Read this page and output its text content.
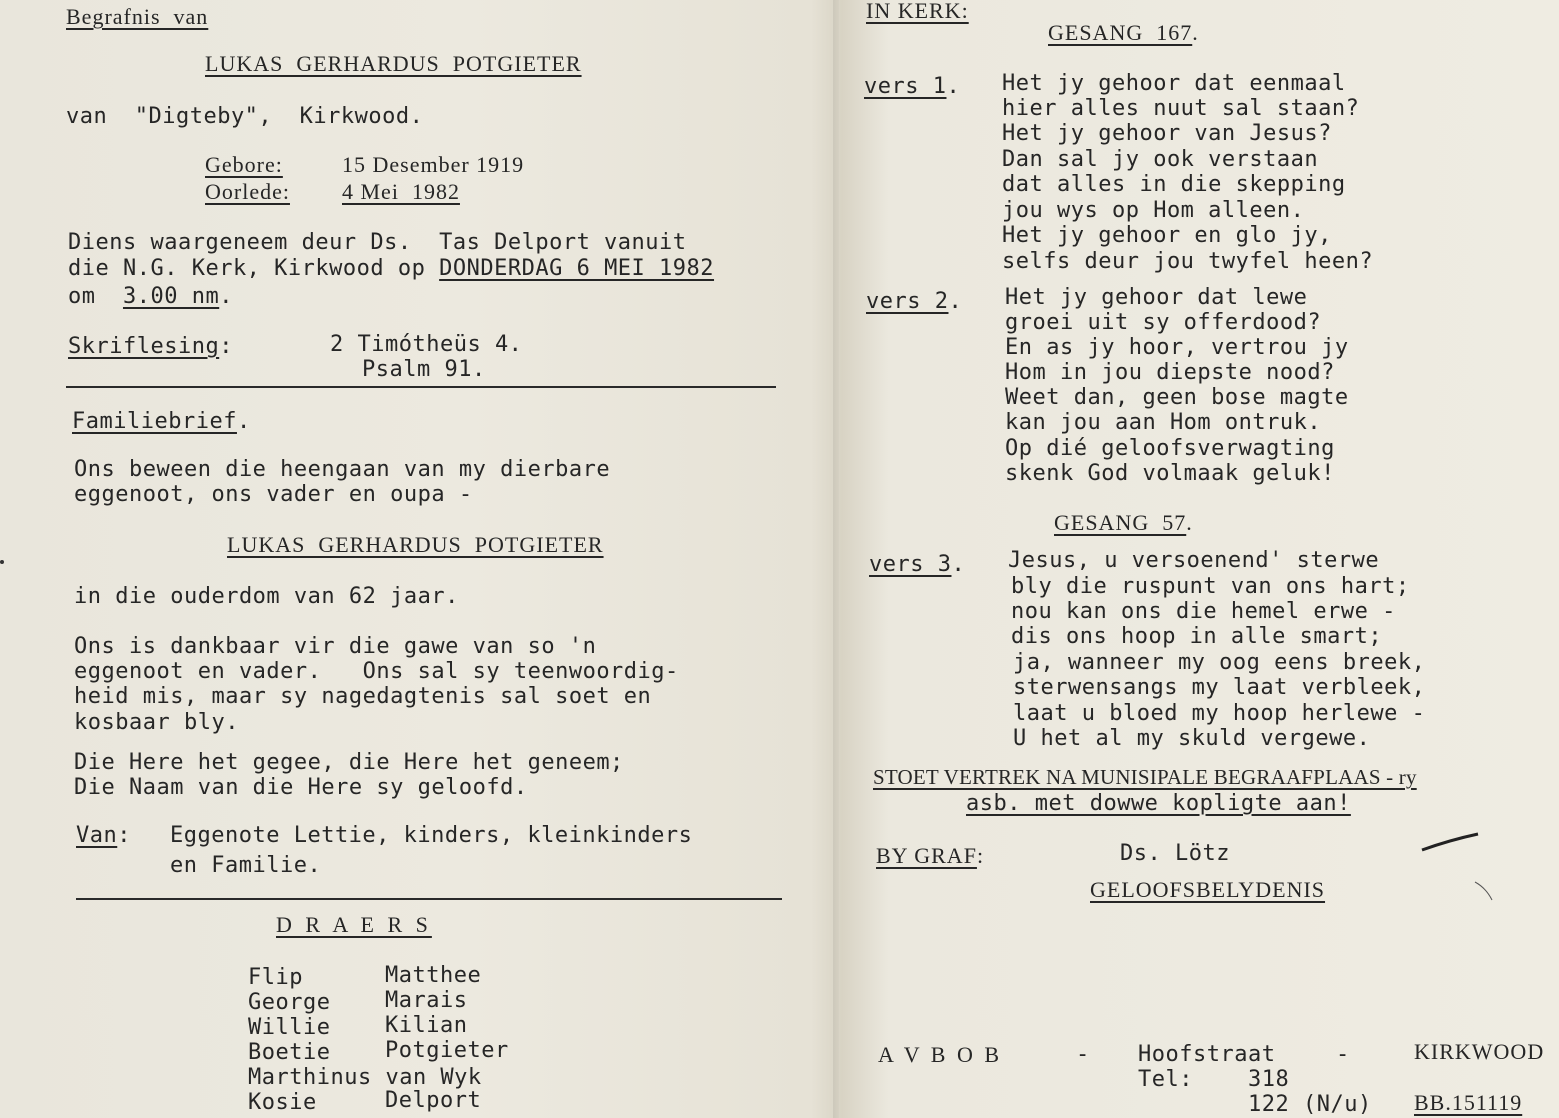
Begrafnis  van
LUKAS  GERHARDUS  POTGIETER
van  "Digteby",  Kirkwood.
Gebore:	15 Desember 1919
Oorlede: 4 Mei  1982
Diens waargeneem deur Ds.  Tas Delport vanuit
die N.G. Kerk, Kirkwood op DONDERDAG 6 MEI 1982
om  3.00 nm.
Skriflesing:	2 Timótheüs 4.
Psalm 91.
Familiebrief.
Ons beween die heengaan van my dierbare
eggenoot, ons vader en oupa -
LUKAS  GERHARDUS  POTGIETER
in die ouderdom van 62 jaar.
Ons is dankbaar vir die gawe van so 'n
eggenoot en vader.   Ons sal sy teenwoordig-
heid mis, maar sy nagedagtenis sal soet en
kosbaar bly.
Die Here het gegee, die Here het geneem;
Die Naam van die Here sy geloofd.
Van: Eggenote Lettie, kinders, kleinkinders
en Familie.
D R A E R S
Flip	Matthee
George Marais
Willie Kilian
Boetie Potgieter
Marthinus van Wyk
Kosie	Delport
IN KERK:
GESANG  167.
vers 1. Het jy gehoor dat eenmaal
hier alles nuut sal staan?
Het jy gehoor van Jesus?
Dan sal jy ook verstaan
dat alles in die skepping
jou wys op Hom alleen.
Het jy gehoor en glo jy,
selfs deur jou twyfel heen?
vers 2. Het jy gehoor dat lewe
groei uit sy offerdood?
En as jy hoor, vertrou jy
Hom in jou diepste nood?
Weet dan, geen bose magte
kan jou aan Hom ontruk.
Op dié geloofsverwagting
skenk God volmaak geluk!
GESANG  57.
vers 3. Jesus, u versoenend' sterwe
bly die ruspunt van ons hart;
nou kan ons die hemel erwe -
dis ons hoop in alle smart;
ja, wanneer my oog eens breek,
sterwensangs my laat verbleek,
laat u bloed my hoop herlewe -
U het al my skuld vergewe.
STOET VERTREK NA MUNISIPALE BEGRAAFPLAAS - ry
asb. met dowwe kopligte aan!
BY GRAF:	Ds. Lötz
GELOOFSBELYDENIS
A V B O B	- Hoofstraat	-	KIRKWOOD
Tel:	318
122 (N/u) BB.151119
